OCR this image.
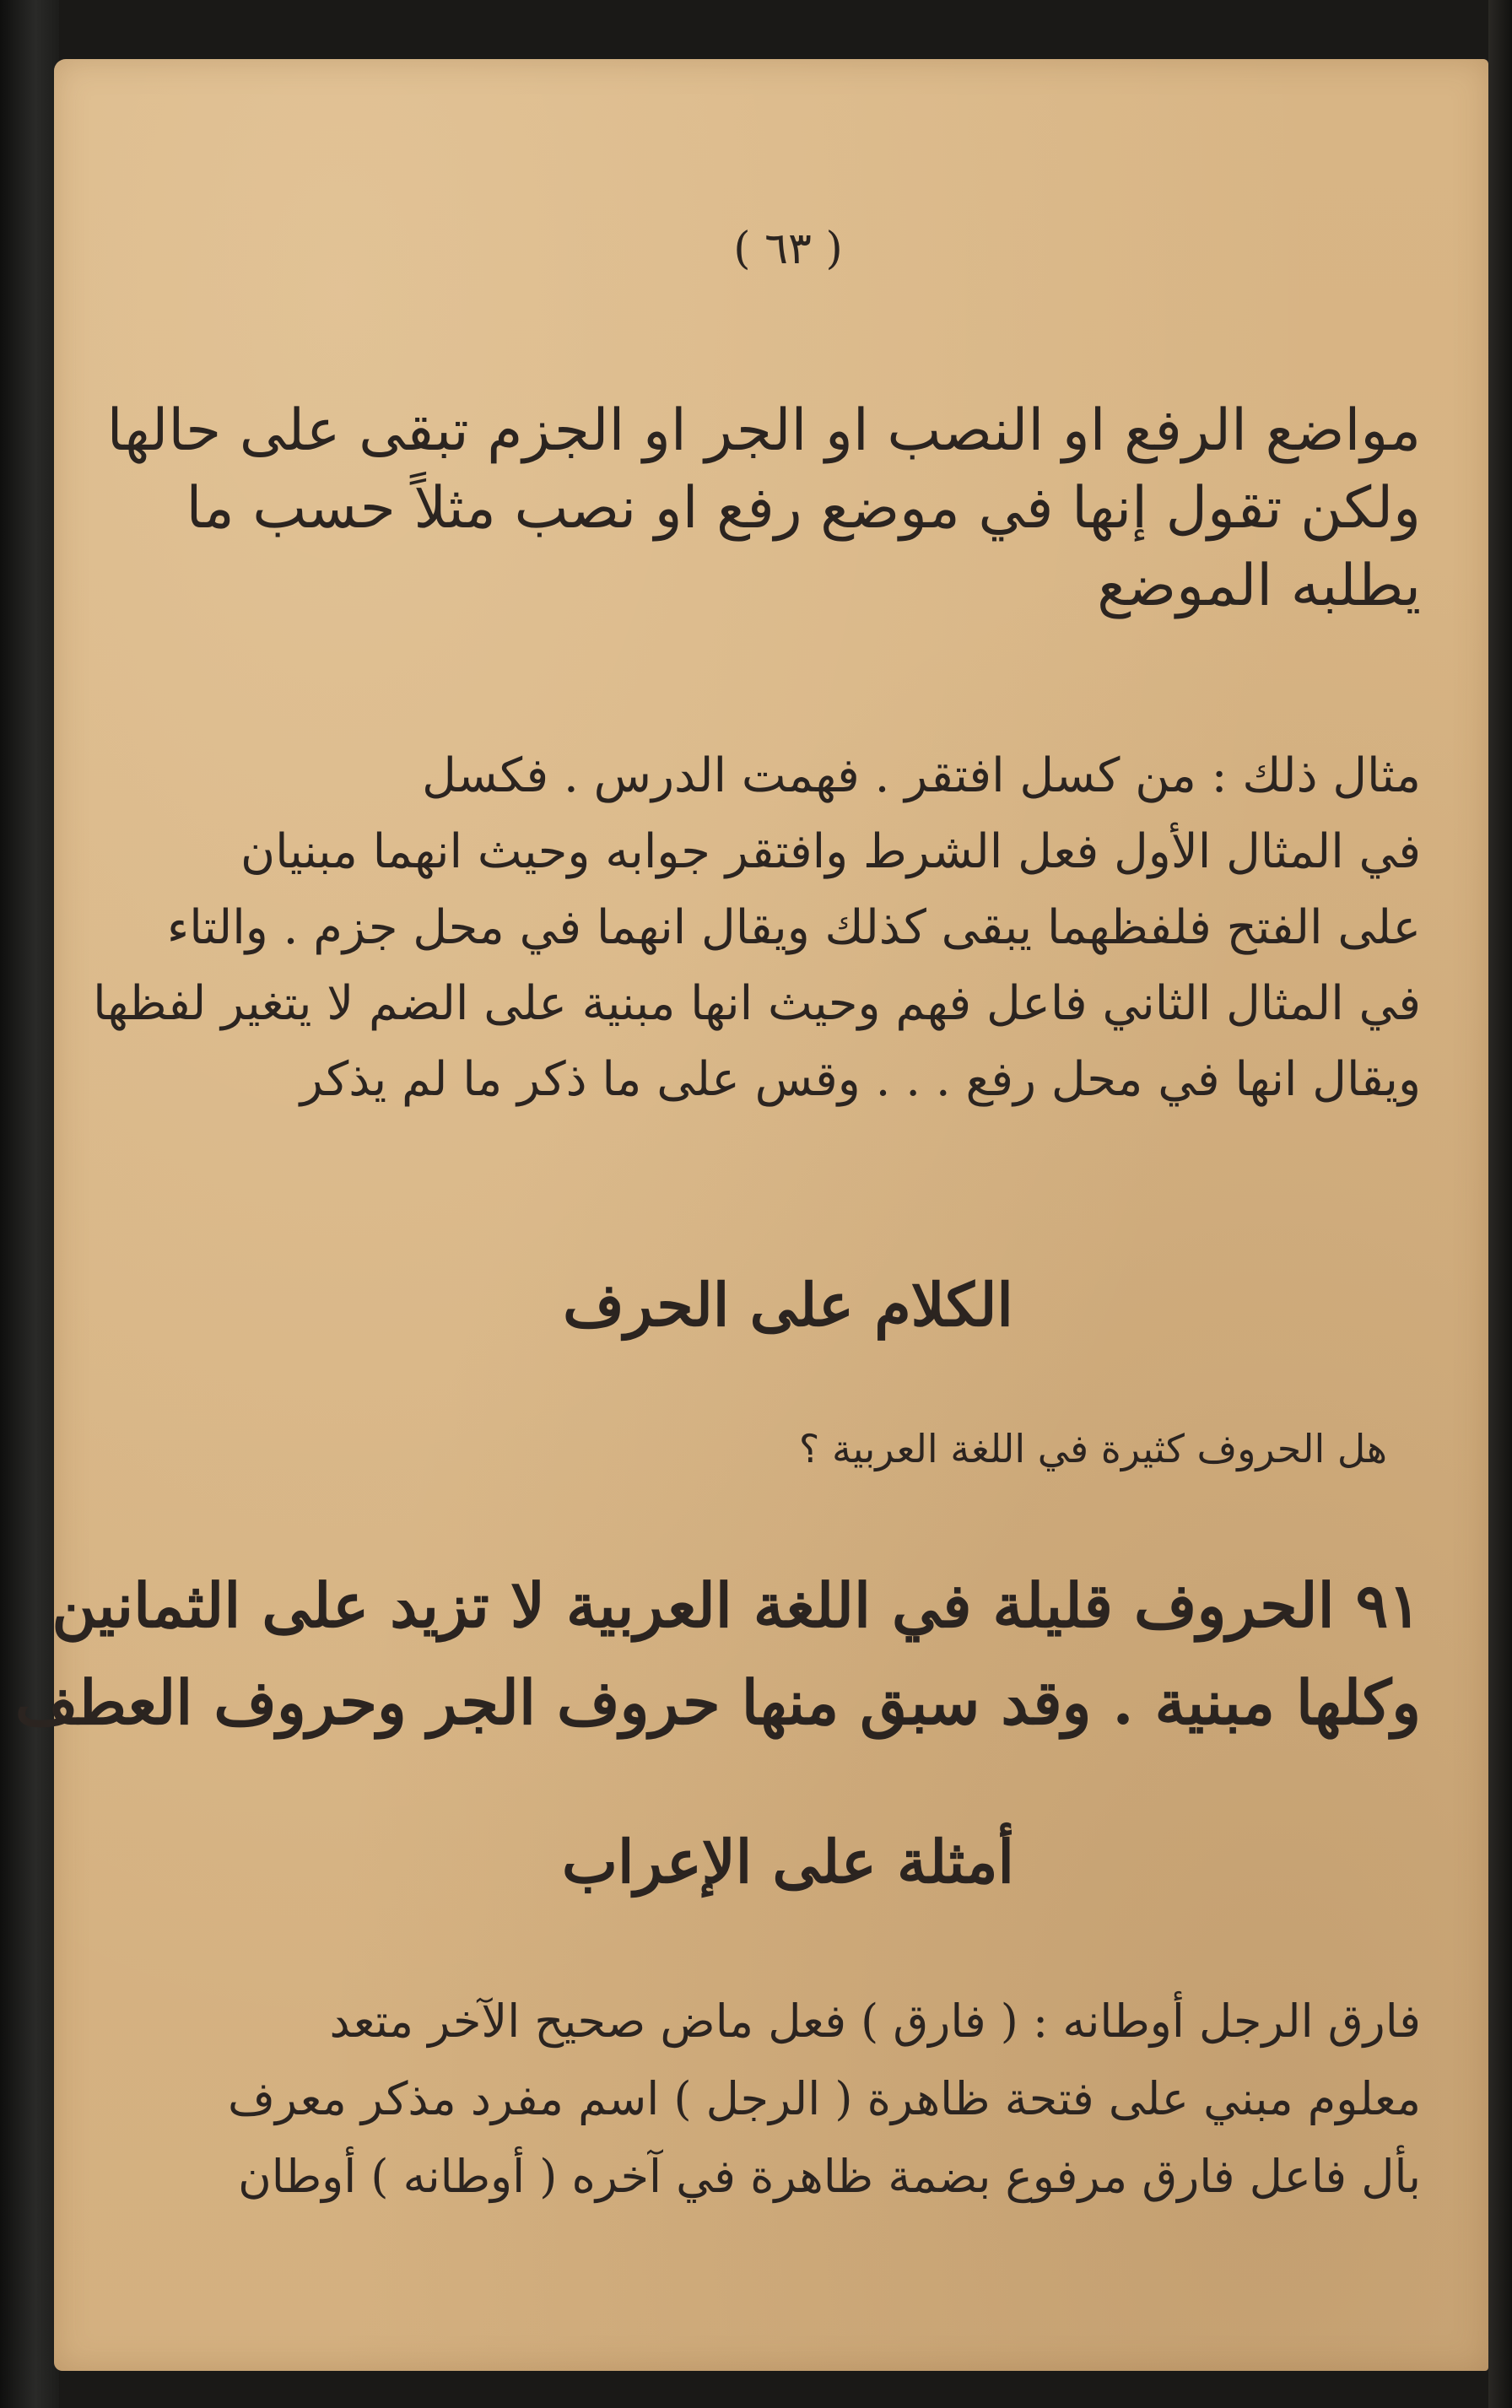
( ٦٣ )
مواضع الرفع او النصب او الجر او الجزم تبقى على حالها
ولكن تقول إنها في موضع رفع او نصب مثلاً حسب ما
يطلبه الموضع
مثال ذلك : من كسل افتقر . فهمت الدرس . فكسل
في المثال الأول فعل الشرط وافتقر جوابه وحيث انهما مبنيان
على الفتح فلفظهما يبقى كذلك ويقال انهما في محل جزم . والتاء
في المثال الثاني فاعل فهم وحيث انها مبنية على الضم لا يتغير لفظها
ويقال انها في محل رفع . . . وقس على ما ذكر ما لم يذكر
الكلام على الحرف
هل الحروف كثيرة في اللغة العربية ؟
٩١ الحروف قليلة في اللغة العربية لا تزيد على الثمانين
وكلها مبنية . وقد سبق منها حروف الجر وحروف العطف
أمثلة على الإعراب
فارق الرجل أوطانه : ( فارق ) فعل ماض صحيح الآخر متعد
معلوم مبني على فتحة ظاهرة ( الرجل ) اسم مفرد مذكر معرف
بأل فاعل فارق مرفوع بضمة ظاهرة في آخره ( أوطانه ) أوطان
